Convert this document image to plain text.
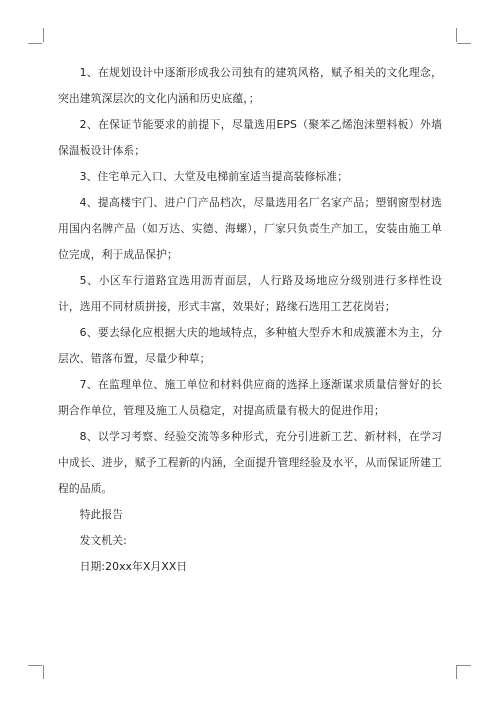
1、在规划设计中逐渐形成我公司独有的建筑风格，赋予相关的文化理念，突出建筑深层次的文化内涵和历史底蕴，；

2、在保证节能要求的前提下，尽量选用EPS（聚苯乙烯泡沫塑料板）外墙保温板设计体系；

3、住宅单元入口、大堂及电梯前室适当提高装修标准；

4、提高楼宇门、进户门产品档次，尽量选用名厂名家产品；塑钢窗型材选用国内名牌产品（如万达、实德、海螺），厂家只负责生产加工，安装由施工单位完成，利于成品保护；

5、小区车行道路宜选用沥青面层，人行路及场地应分级别进行多样性设计，选用不同材质拼接，形式丰富，效果好；路缘石选用工艺花岗岩；

6、要去绿化应根据大庆的地域特点，多种植大型乔木和成簇灌木为主，分层次、错落布置，尽量少种草；

7、在监理单位、施工单位和材料供应商的选择上逐渐谋求质量信誉好的长期合作单位，管理及施工人员稳定，对提高质量有极大的促进作用；

8、以学习考察、经验交流等多种形式，充分引进新工艺、新材料，在学习中成长、进步，赋予工程新的内涵，全面提升管理经验及水平，从而保证所建工程的品质。

特此报告

发文机关:

日期:20xx年X月XX日
